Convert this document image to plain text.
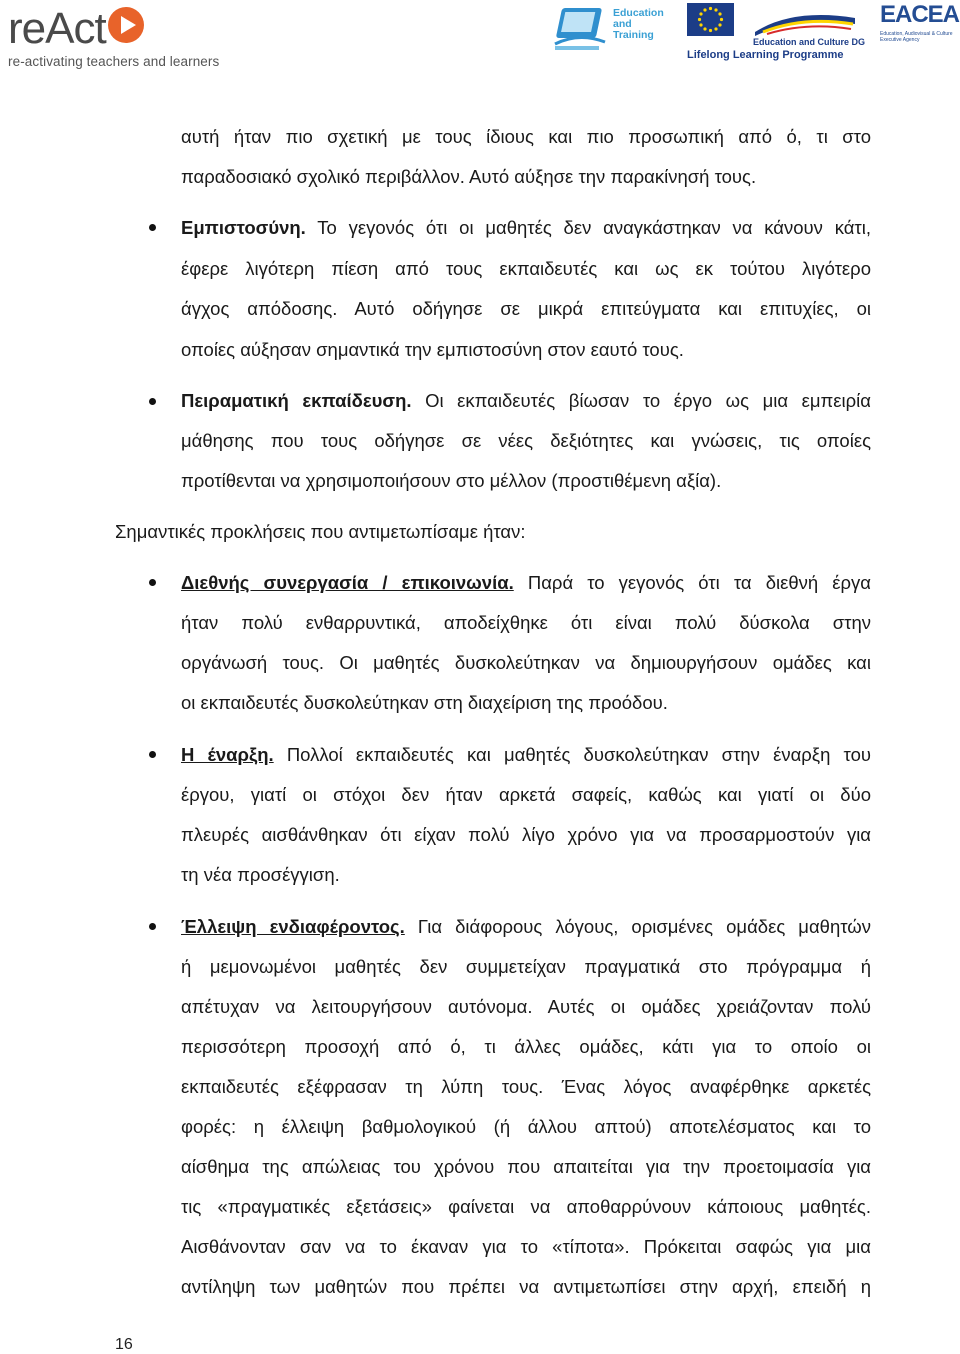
reAct
re-activating teachers and learners
Education
and
Training
Education and Culture DG
Lifelong Learning Programme
EACEA
Education, Audiovisual & Culture Executive Agency
αυτή ήταν πιο σχετική με τους ίδιους και πιο προσωπική από ό, τι στο
παραδοσιακό σχολικό περιβάλλον. Αυτό αύξησε την παρακίνησή τους.
Εμπιστοσύνη. Το γεγονός ότι οι μαθητές δεν αναγκάστηκαν να κάνουν κάτι,
έφερε λιγότερη πίεση από τους εκπαιδευτές και ως εκ τούτου λιγότερο
άγχος απόδοσης. Αυτό οδήγησε σε μικρά επιτεύγματα και επιτυχίες, οι
οποίες αύξησαν σημαντικά την εμπιστοσύνη στον εαυτό τους.
Πειραματική εκπαίδευση. Οι εκπαιδευτές βίωσαν το έργο ως μια εμπειρία
μάθησης που τους οδήγησε σε νέες δεξιότητες και γνώσεις, τις οποίες
προτίθενται να χρησιμοποιήσουν στο μέλλον (προστιθέμενη αξία).
Σημαντικές προκλήσεις που αντιμετωπίσαμε ήταν:
Διεθνής συνεργασία / επικοινωνία. Παρά το γεγονός ότι τα διεθνή έργα
ήταν πολύ ενθαρρυντικά, αποδείχθηκε ότι είναι πολύ δύσκολα στην
οργάνωσή τους. Οι μαθητές δυσκολεύτηκαν να δημιουργήσουν ομάδες και
οι εκπαιδευτές δυσκολεύτηκαν στη διαχείριση της προόδου.
Η έναρξη. Πολλοί εκπαιδευτές και μαθητές δυσκολεύτηκαν στην έναρξη του
έργου, γιατί οι στόχοι δεν ήταν αρκετά σαφείς, καθώς και γιατί οι δύο
πλευρές αισθάνθηκαν ότι είχαν πολύ λίγο χρόνο για να προσαρμοστούν για
τη νέα προσέγγιση.
Έλλειψη ενδιαφέροντος. Για διάφορους λόγους, ορισμένες ομάδες μαθητών
ή μεμονωμένοι μαθητές δεν συμμετείχαν πραγματικά στο πρόγραμμα ή
απέτυχαν να λειτουργήσουν αυτόνομα. Αυτές οι ομάδες χρειάζονταν πολύ
περισσότερη προσοχή από ό, τι άλλες ομάδες, κάτι για το οποίο οι
εκπαιδευτές εξέφρασαν τη λύπη τους. Ένας λόγος αναφέρθηκε αρκετές
φορές: η έλλειψη βαθμολογικού (ή άλλου απτού) αποτελέσματος και το
αίσθημα της απώλειας του χρόνου που απαιτείται για την προετοιμασία για
τις «πραγματικές εξετάσεις» φαίνεται να αποθαρρύνουν κάποιους μαθητές.
Αισθάνονταν σαν να το έκαναν για το «τίποτα». Πρόκειται σαφώς για μια
αντίληψη των μαθητών που πρέπει να αντιμετωπίσει στην αρχή, επειδή η
16
